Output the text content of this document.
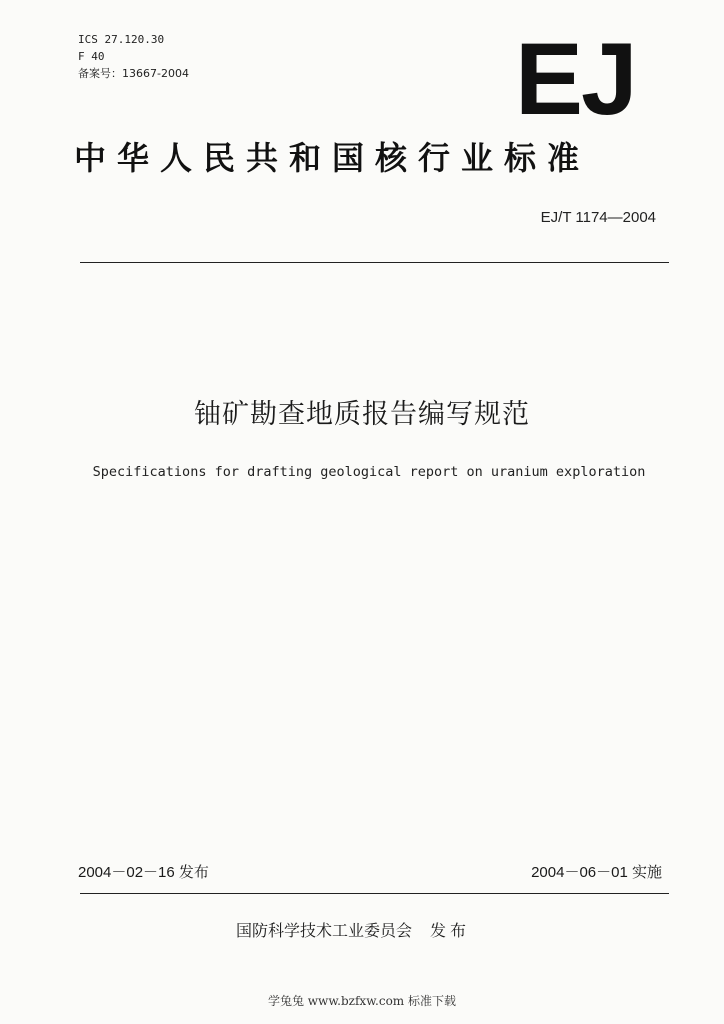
ICS 27.120.30
F 40
备案号：13667-2004	EJ
中华人民共和国核行业标准
EJ/T 1174—2004
铀矿勘查地质报告编写规范
Specifications for drafting geological report on uranium exploration
2004－02－16 发布	2004－06－01 实施
国防科学技术工业委员会 发布
学兔兔 www.bzfxw.com 标准下载
